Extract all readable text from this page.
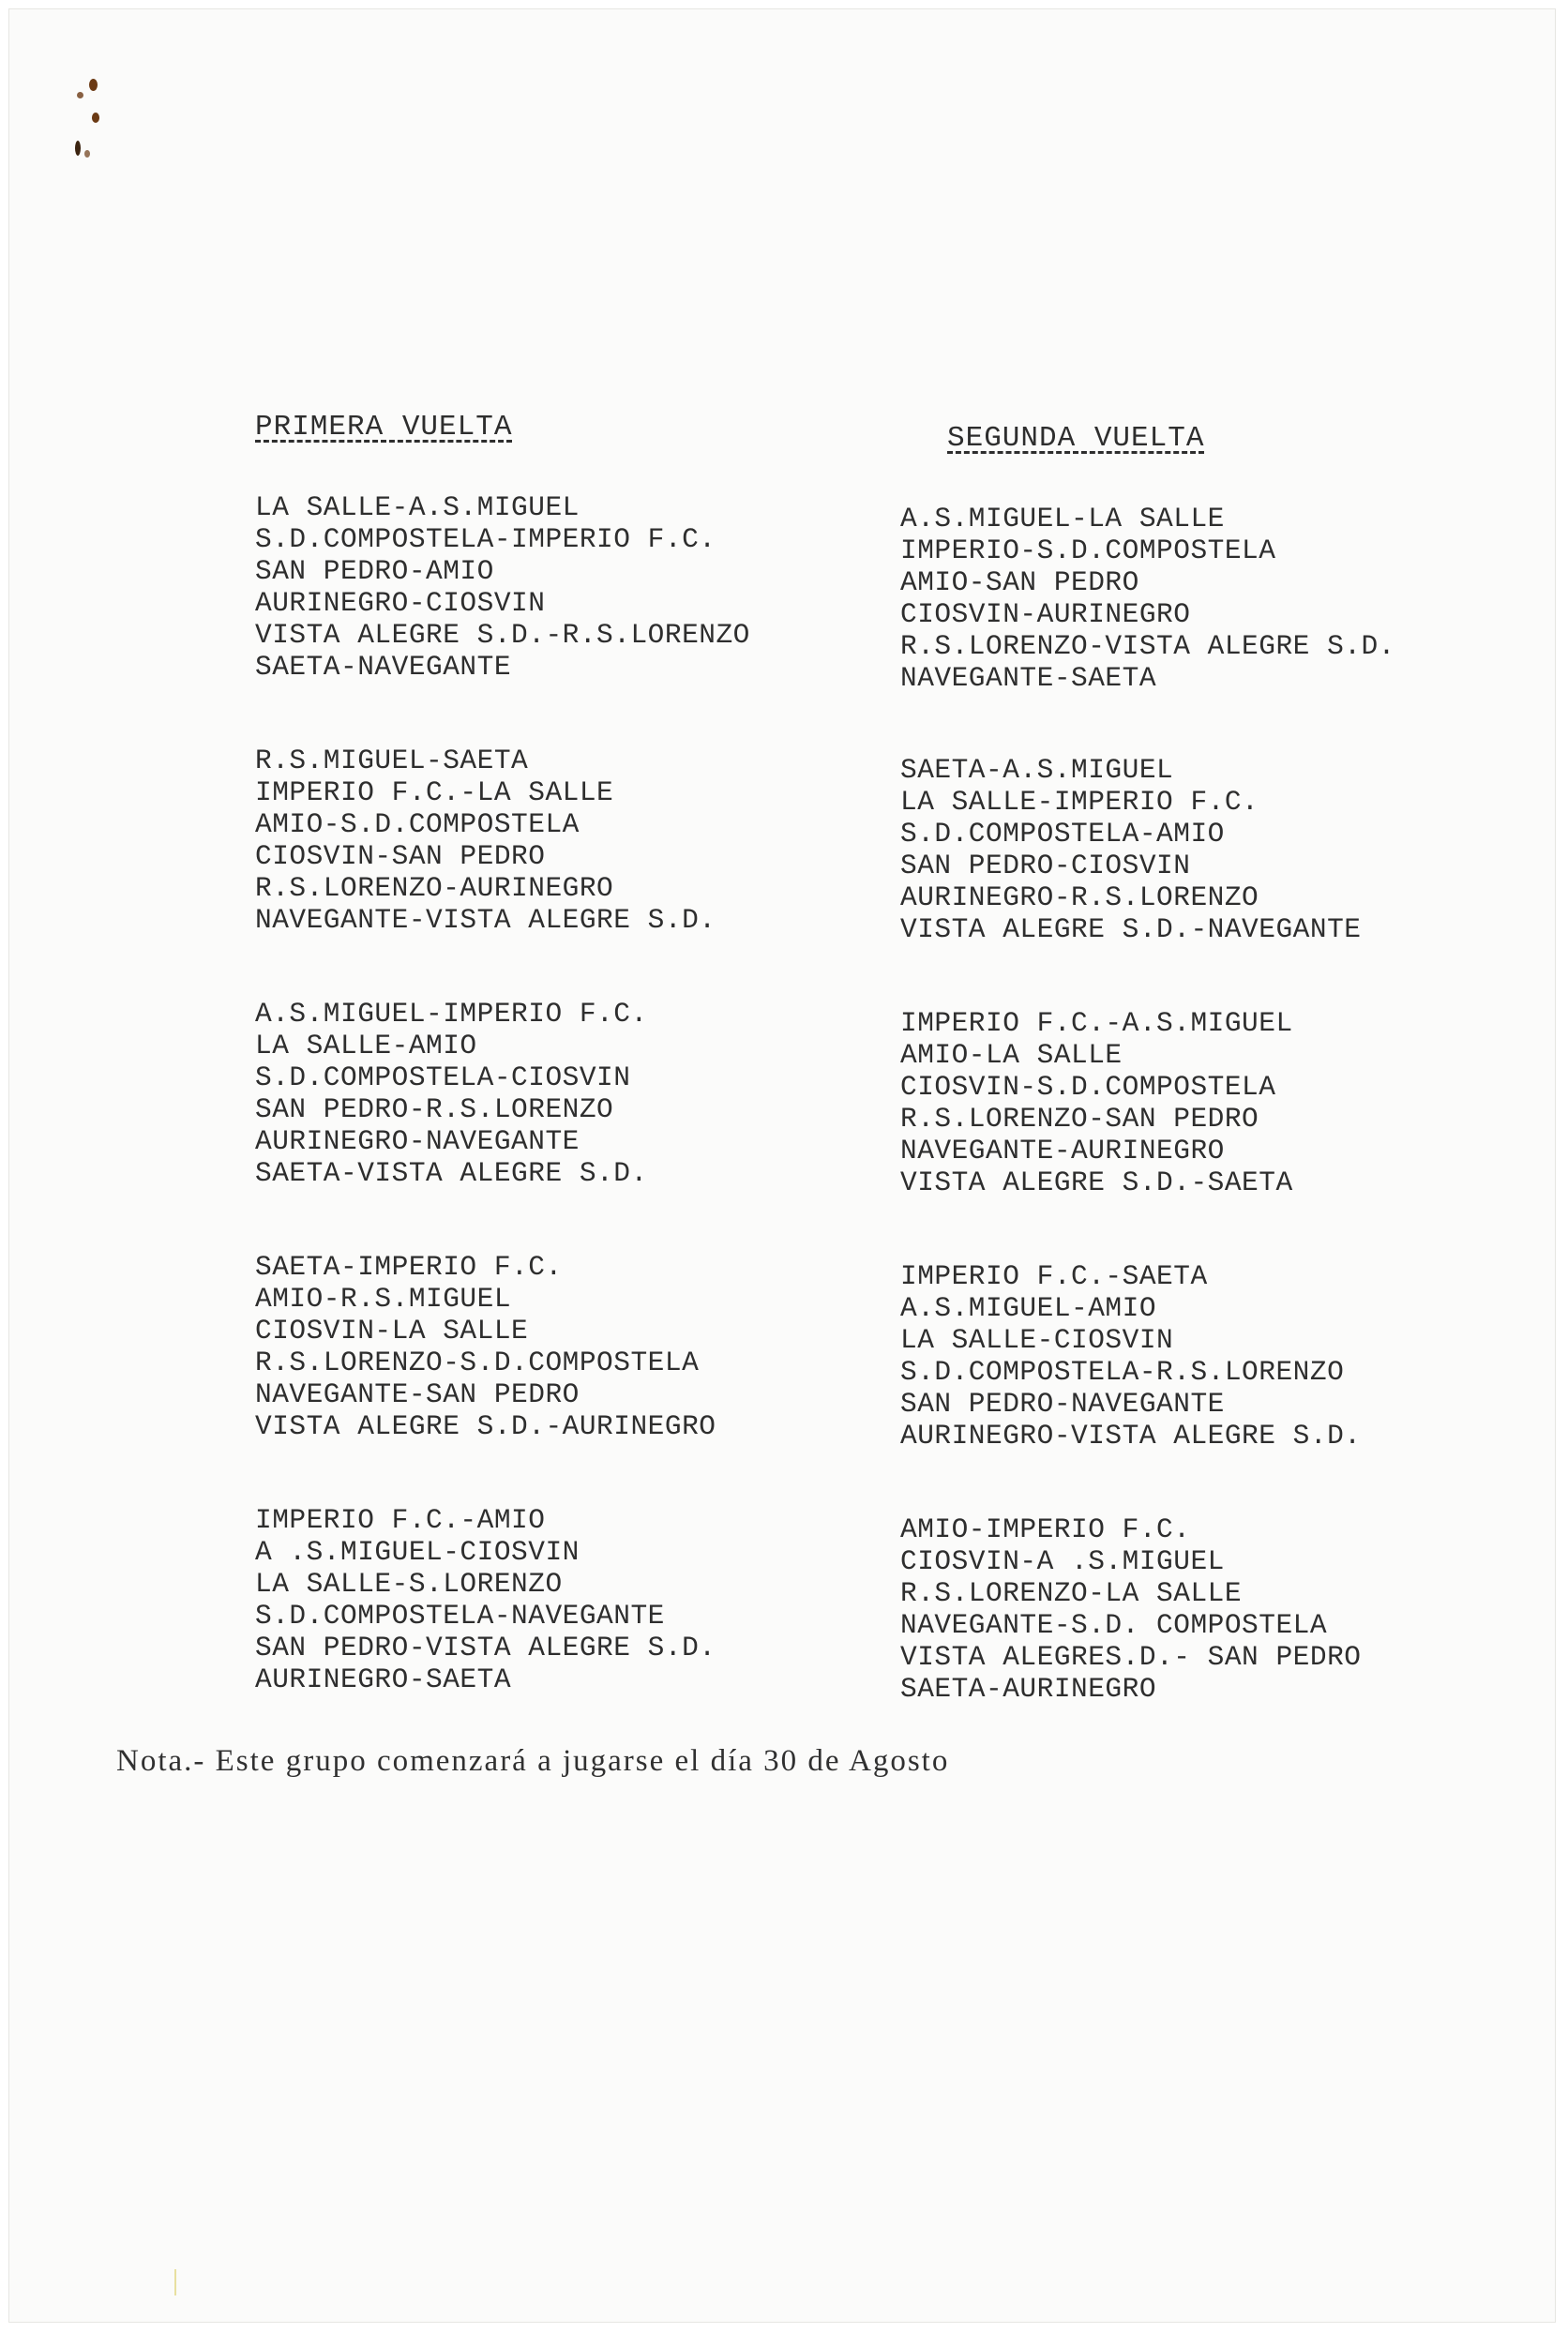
PRIMERA VUELTA
LA SALLE-A.S.MIGUEL
S.D.COMPOSTELA-IMPERIO F.C.
SAN PEDRO-AMIO
AURINEGRO-CIOSVIN
VISTA ALEGRE S.D.-R.S.LORENZO
SAETA-NAVEGANTE
R.S.MIGUEL-SAETA
IMPERIO F.C.-LA SALLE
AMIO-S.D.COMPOSTELA
CIOSVIN-SAN PEDRO
R.S.LORENZO-AURINEGRO
NAVEGANTE-VISTA ALEGRE S.D.
A.S.MIGUEL-IMPERIO F.C.
LA SALLE-AMIO
S.D.COMPOSTELA-CIOSVIN
SAN PEDRO-R.S.LORENZO
AURINEGRO-NAVEGANTE
SAETA-VISTA ALEGRE S.D.
SAETA-IMPERIO F.C.
AMIO-R.S.MIGUEL
CIOSVIN-LA SALLE
R.S.LORENZO-S.D.COMPOSTELA
NAVEGANTE-SAN PEDRO
VISTA ALEGRE S.D.-AURINEGRO
IMPERIO F.C.-AMIO
A .S.MIGUEL-CIOSVIN
LA SALLE-S.LORENZO
S.D.COMPOSTELA-NAVEGANTE
SAN PEDRO-VISTA ALEGRE S.D.
AURINEGRO-SAETA
SEGUNDA VUELTA
A.S.MIGUEL-LA SALLE
IMPERIO-S.D.COMPOSTELA
AMIO-SAN PEDRO
CIOSVIN-AURINEGRO
R.S.LORENZO-VISTA ALEGRE S.D.
NAVEGANTE-SAETA
SAETA-A.S.MIGUEL
LA SALLE-IMPERIO F.C.
S.D.COMPOSTELA-AMIO
SAN PEDRO-CIOSVIN
AURINEGRO-R.S.LORENZO
VISTA ALEGRE S.D.-NAVEGANTE
IMPERIO F.C.-A.S.MIGUEL
AMIO-LA SALLE
CIOSVIN-S.D.COMPOSTELA
R.S.LORENZO-SAN PEDRO
NAVEGANTE-AURINEGRO
VISTA ALEGRE S.D.-SAETA
IMPERIO F.C.-SAETA
A.S.MIGUEL-AMIO
LA SALLE-CIOSVIN
S.D.COMPOSTELA-R.S.LORENZO
SAN PEDRO-NAVEGANTE
AURINEGRO-VISTA ALEGRE S.D.
AMIO-IMPERIO F.C.
CIOSVIN-A .S.MIGUEL
R.S.LORENZO-LA SALLE
NAVEGANTE-S.D. COMPOSTELA
VISTA ALEGRES.D.- SAN PEDRO
SAETA-AURINEGRO
Nota.- Este grupo comenzará a jugarse el día 30 de Agosto
